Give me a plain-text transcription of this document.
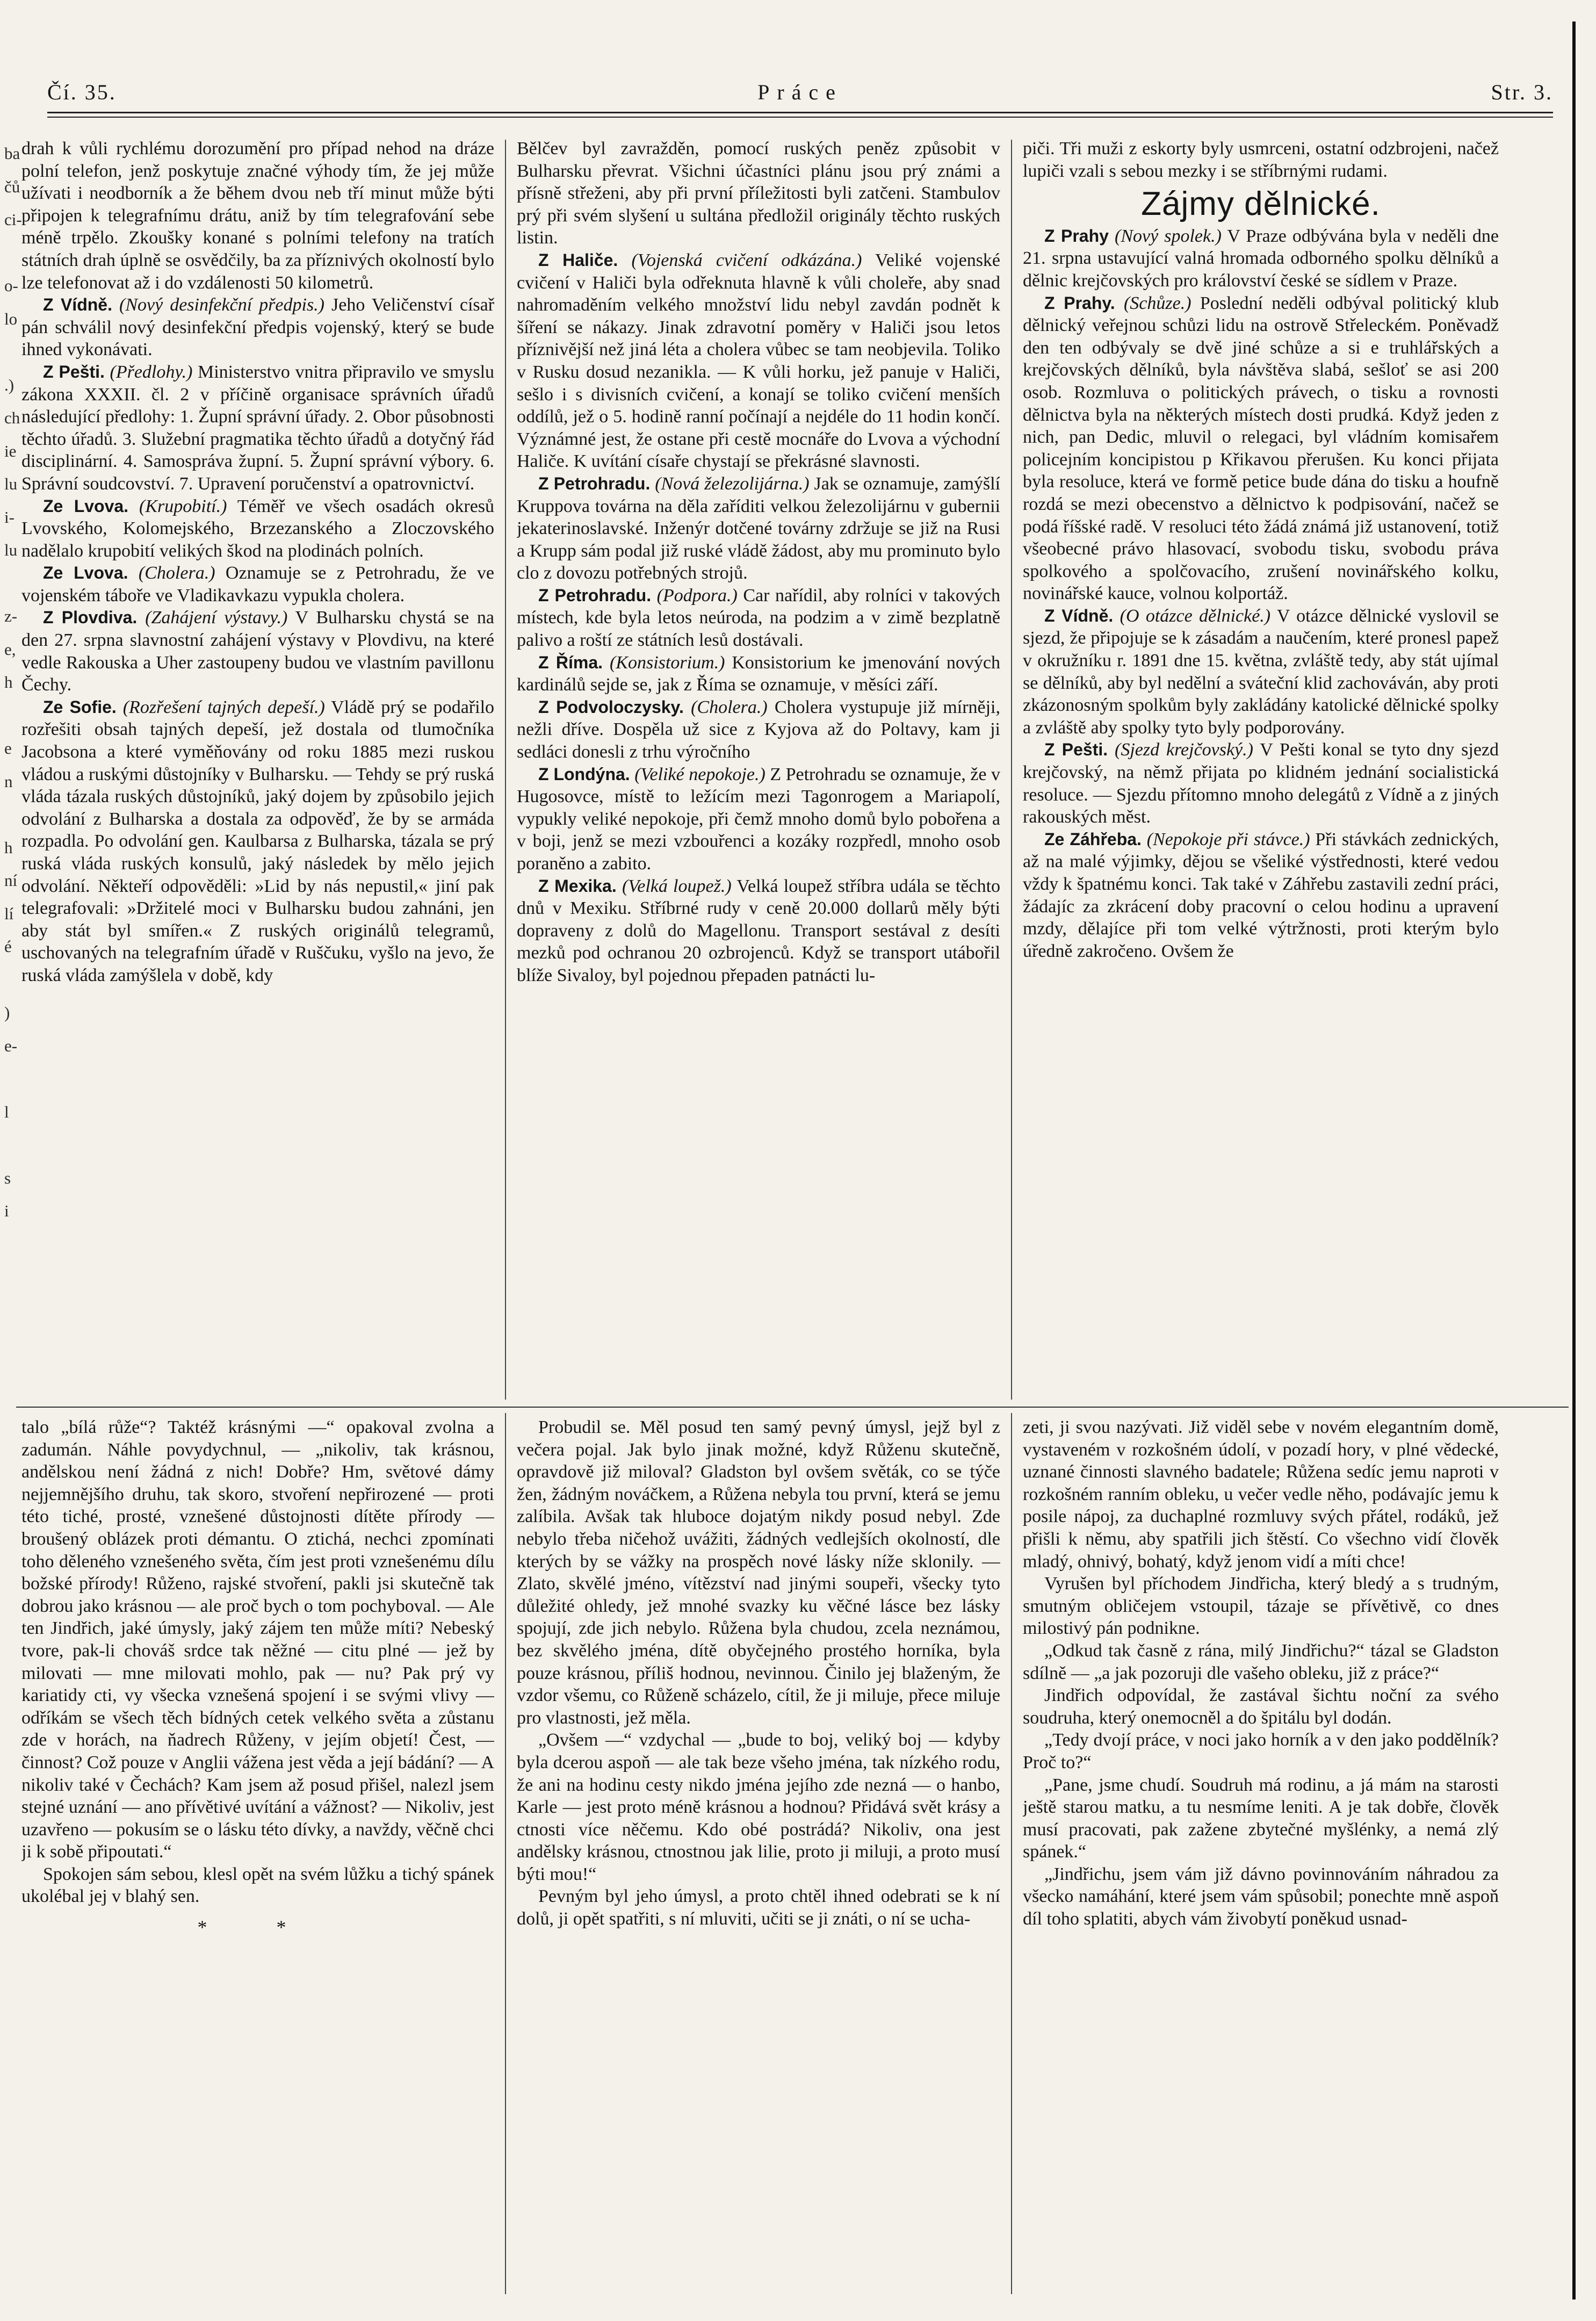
ba
čů
ci-
o-
lo
.)
ch
ie
lu
i-
lu
z-
e,
h
e
n
h
ní
lí
é
)
e-
l
s
i
Čí. 35.	Práce	Str. 3.

drah k vůli rychlému dorozumění pro případ nehod na dráze polní telefon, jenž poskytuje značné výhody tím, že jej může užívati i neodborník a že během dvou neb tří minut může býti připojen k telegrafnímu drátu, aniž by tím telegrafování sebe méně trpělo. Zkoušky konané s polními telefony na tratích státních drah úplně se osvědčily, ba za příznivých okolností bylo lze telefonovat až i do vzdálenosti 50 kilometrů.

Z Vídně. (Nový desinfekční předpis.) Jeho Veličenství císař pán schválil nový desinfekční předpis vojenský, který se bude ihned vykonávati.

Z Pešti. (Předlohy.) Ministerstvo vnitra připravilo ve smyslu zákona XXXII. čl. 2 v příčině organisace správních úřadů následující předlohy: 1. Župní správní úřady. 2. Obor působnosti těchto úřadů. 3. Služební pragmatika těchto úřadů a dotyčný řád disciplinární. 4. Samospráva župní. 5. Župní správní výbory. 6. Správní soudcovství. 7. Upravení poručenství a opatrovnictví.

Ze Lvova. (Krupobití.) Téměř ve všech osadách okresů Lvovského, Kolomejského, Brzezanského a Zloczovského nadělalo krupobití velikých škod na plodinách polních.

Ze Lvova. (Cholera.) Oznamuje se z Petrohradu, že ve vojenském táboře ve Vladikavkazu vypukla cholera.

Z Plovdiva. (Zahájení výstavy.) V Bulharsku chystá se na den 27. srpna slavnostní zahájení výstavy v Plovdivu, na které vedle Rakouska a Uher zastoupeny budou ve vlastním pavillonu Čechy.

Ze Sofie. (Rozřešení tajných depeší.) Vládě prý se podařilo rozřešiti obsah tajných depeší, jež dostala od tlumočníka Jacobsona a které vyměňovány od roku 1885 mezi ruskou vládou a ruskými důstojníky v Bulharsku. — Tehdy se prý ruská vláda tázala ruských důstojníků, jaký dojem by způsobilo jejich odvolání z Bulharska a dostala za odpověď, že by se armáda rozpadla. Po odvolání gen. Kaulbarsa z Bulharska, tázala se prý ruská vláda ruských konsulů, jaký následek by mělo jejich odvolání. Někteří odpověděli: »Lid by nás nepustil,« jiní pak telegrafovali: »Držitelé moci v Bulharsku budou zahnáni, jen aby stát byl smířen.« Z ruských originálů telegramů, uschovaných na telegrafním úřadě v Ruščuku, vyšlo na jevo, že ruská vláda zamýšlela v době, kdy

Bělčev byl zavražděn, pomocí ruských peněz způsobit v Bulharsku převrat. Všichni účastníci plánu jsou prý známi a přísně střeženi, aby při první příležitosti byli zatčeni. Stambulov prý při svém slyšení u sultána předložil originály těchto ruských listin.

Z Haliče. (Vojenská cvičení odkázána.) Veliké vojenské cvičení v Haliči byla odřeknuta hlavně k vůli choleře, aby snad nahromaděním velkého množství lidu nebyl zavdán podnět k šíření se nákazy. Jinak zdravotní poměry v Haliči jsou letos příznivější než jiná léta a cholera vůbec se tam neobjevila. Toliko v Rusku dosud nezanikla. — K vůli horku, jež panuje v Haliči, sešlo i s divisních cvičení, a konají se toliko cvičení menších oddílů, jež o 5. hodině ranní počínají a nejdéle do 11 hodin končí. Význámné jest, že ostane při cestě mocnáře do Lvova a východní Haliče. K uvítání císaře chystají se překrásné slavnosti.

Z Petrohradu. (Nová železolijárna.) Jak se oznamuje, zamýšlí Kruppova továrna na děla zaříditi velkou železolijárnu v gubernii jekaterinoslavské. Inženýr dotčené továrny zdržuje se již na Rusi a Krupp sám podal již ruské vládě žádost, aby mu prominuto bylo clo z dovozu potřebných strojů.

Z Petrohradu. (Podpora.) Car nařídil, aby rolníci v takových místech, kde byla letos neúroda, na podzim a v zimě bezplatně palivo a roští ze státních lesů dostávali.

Z Říma. (Konsistorium.) Konsistorium ke jmenování nových kardinálů sejde se, jak z Říma se oznamuje, v měsíci září.

Z Podvoloczysky. (Cholera.) Cholera vystupuje již mírněji, nežli dříve. Dospěla už sice z Kyjova až do Poltavy, kam ji sedláci donesli z trhu výročního

Z Londýna. (Veliké nepokoje.) Z Petrohradu se oznamuje, že v Hugosovce, místě to ležícím mezi Tagonrogem a Mariapolí, vypukly veliké nepokoje, při čemž mnoho domů bylo pobořena a v boji, jenž se mezi vzbouřenci a kozáky rozpředl, mnoho osob poraněno a zabito.

Z Mexika. (Velká loupež.) Velká loupež stříbra udála se těchto dnů v Mexiku. Stříbrné rudy v ceně 20.000 dollarů měly býti dopraveny z dolů do Magellonu. Transport sestával z desíti mezků pod ochranou 20 ozbrojenců. Když se transport utábořil blíže Sivaloy, byl pojednou přepaden patnácti lu-

piči. Tři muži z eskorty byly usmrceni, ostatní odzbrojeni, načež lupiči vzali s sebou mezky i se stříbrnými rudami.

Zájmy dělnické.

Z Prahy (Nový spolek.) V Praze odbývána byla v neděli dne 21. srpna ustavující valná hromada odborného spolku dělníků a dělnic krejčovských pro království české se sídlem v Praze.

Z Prahy. (Schůze.) Poslední neděli odbýval politický klub dělnický veřejnou schůzi lidu na ostrově Střeleckém. Poněvadž den ten odbývaly se dvě jiné schůze a si e truhlářských a krejčovských dělníků, byla návštěva slabá, sešloť se asi 200 osob. Rozmluva o politických právech, o tisku a rovnosti dělnictva byla na některých místech dosti prudká. Když jeden z nich, pan Dedic, mluvil o relegaci, byl vládním komisařem policejním koncipistou p Křikavou přerušen. Ku konci přijata byla resoluce, která ve formě petice bude dána do tisku a houfně rozdá se mezi obecenstvo a dělnictvo k podpisování, načež se podá říšské radě. V resoluci této žádá známá již ustanovení, totiž všeobecné právo hlasovací, svobodu tisku, svobodu práva spolkového a spolčovacího, zrušení novinářského kolku, novinářské kauce, volnou kolportáž.

Z Vídně. (O otázce dělnické.) V otázce dělnické vyslovil se sjezd, že připojuje se k zásadám a naučením, které pronesl papež v okružníku r. 1891 dne 15. května, zvláště tedy, aby stát ujímal se dělníků, aby byl nedělní a sváteční klid zachováván, aby proti zkázonosným spolkům byly zakládány katolické dělnické spolky a zvláště aby spolky tyto byly podporovány.

Z Pešti. (Sjezd krejčovský.) V Pešti konal se tyto dny sjezd krejčovský, na němž přijata po klidném jednání socialistická resoluce. — Sjezdu přítomno mnoho delegátů z Vídně a z jiných rakouských měst.

Ze Záhřeba. (Nepokoje při stávce.) Při stávkách zednických, až na malé výjimky, dějou se všeliké výstřednosti, které vedou vždy k špatnému konci. Tak také v Záhřebu zastavili zední práci, žádajíc za zkrácení doby pracovní o celou hodinu a upravení mzdy, dělajíce při tom velké výtržnosti, proti kterým bylo úředně zakročeno. Ovšem že

talo „bílá růže“? Taktéž krásnými —“ opakoval zvolna a zadumán. Náhle povydychnul, — „nikoliv, tak krásnou, andělskou není žádná z nich! Dobře? Hm, světové dámy nejjemnějšího druhu, tak skoro, stvoření nepřirozené — proti této tiché, prosté, vznešené důstojnosti dítěte přírody — broušený oblázek proti démantu. O ztichá, nechci zpomínati toho děleného vznešeného světa, čím jest proti vznešenému dílu božské přírody! Růženo, rajské stvoření, pakli jsi skutečně tak dobrou jako krásnou — ale proč bych o tom pochyboval. — Ale ten Jindřich, jaké úmysly, jaký zájem ten může míti? Nebeský tvore, pak-li chováš srdce tak něžné — citu plné — jež by milovati — mne milovati mohlo, pak — nu? Pak prý vy kariatidy cti, vy všecka vznešená spojení i se svými vlivy — odříkám se všech těch bídných cetek velkého světa a zůstanu zde v horách, na ňadrech Růženy, v jejím objetí! Čest, — činnost? Což pouze v Anglii vážena jest věda a její bádání? — A nikoliv také v Čechách? Kam jsem až posud přišel, nalezl jsem stejné uznání — ano přívětivé uvítání a vážnost? — Nikoliv, jest uzavřeno — pokusím se o lásku této dívky, a navždy, věčně chci ji k sobě připoutati.“

Spokojen sám sebou, klesl opět na svém lůžku a tichý spánek ukolébal jej v blahý sen.

* *

Probudil se. Měl posud ten samý pevný úmysl, jejž byl z večera pojal. Jak bylo jinak možné, když Růženu skutečně, opravdově již miloval? Gladston byl ovšem světák, co se týče žen, žádným nováčkem, a Růžena nebyla tou první, která se jemu zalíbila. Avšak tak hluboce dojatým nikdy posud nebyl. Zde nebylo třeba ničehož uvážiti, žádných vedlejších okolností, dle kterých by se vážky na prospěch nové lásky níže sklonily. — Zlato, skvělé jméno, vítězství nad jinými soupeři, všecky tyto důležité ohledy, jež mnohé svazky ku věčné lásce bez lásky spojují, zde jich nebylo. Růžena byla chudou, zcela neznámou, bez skvělého jména, dítě obyčejného prostého horníka, byla pouze krásnou, příliš hodnou, nevinnou. Činilo jej blaženým, že vzdor všemu, co Růženě scházelo, cítil, že ji miluje, přece miluje pro vlastnosti, jež měla.

„Ovšem —“ vzdychal — „bude to boj, veliký boj — kdyby byla dcerou aspoň — ale tak beze všeho jména, tak nízkého rodu, že ani na hodinu cesty nikdo jména jejího zde nezná — o hanbo, Karle — jest proto méně krásnou a hodnou? Přidává svět krásy a ctnosti více něčemu. Kdo obé postrádá? Nikoliv, ona jest andělsky krásnou, ctnostnou jak lilie, proto ji miluji, a proto musí býti mou!“

Pevným byl jeho úmysl, a proto chtěl ihned odebrati se k ní dolů, ji opět spatřiti, s ní mluviti, učiti se ji znáti, o ní se ucha-

zeti, ji svou nazývati. Již viděl sebe v novém elegantním domě, vystaveném v rozkošném údolí, v pozadí hory, v plné vědecké, uznané činnosti slavného badatele; Růžena sedíc jemu naproti v rozkošném ranním obleku, u večer vedle něho, podávajíc jemu k posile nápoj, za duchaplné rozmluvy svých přátel, rodáků, jež přišli k němu, aby spatřili jich štěstí. Co všechno vidí člověk mladý, ohnivý, bohatý, když jenom vidí a míti chce!

Vyrušen byl příchodem Jindřicha, který bledý a s trudným, smutným obličejem vstoupil, tázaje se přívětivě, co dnes milostivý pán podnikne.

„Odkud tak časně z rána, milý Jindřichu?“ tázal se Gladston sdílně — „a jak pozoruji dle vašeho obleku, již z práce?“

Jindřich odpovídal, že zastával šichtu noční za svého soudruha, který onemocněl a do špitálu byl dodán.

„Tedy dvojí práce, v noci jako horník a v den jako poddělník? Proč to?“

„Pane, jsme chudí. Soudruh má rodinu, a já mám na starosti ještě starou matku, a tu nesmíme leniti. A je tak dobře, člověk musí pracovati, pak zažene zbytečné myšlénky, a nemá zlý spánek.“

„Jindřichu, jsem vám již dávno povinnováním náhradou za všecko namáhání, které jsem vám spůsobil; ponechte mně aspoň díl toho splatiti, abych vám živobytí poněkud usnad-
